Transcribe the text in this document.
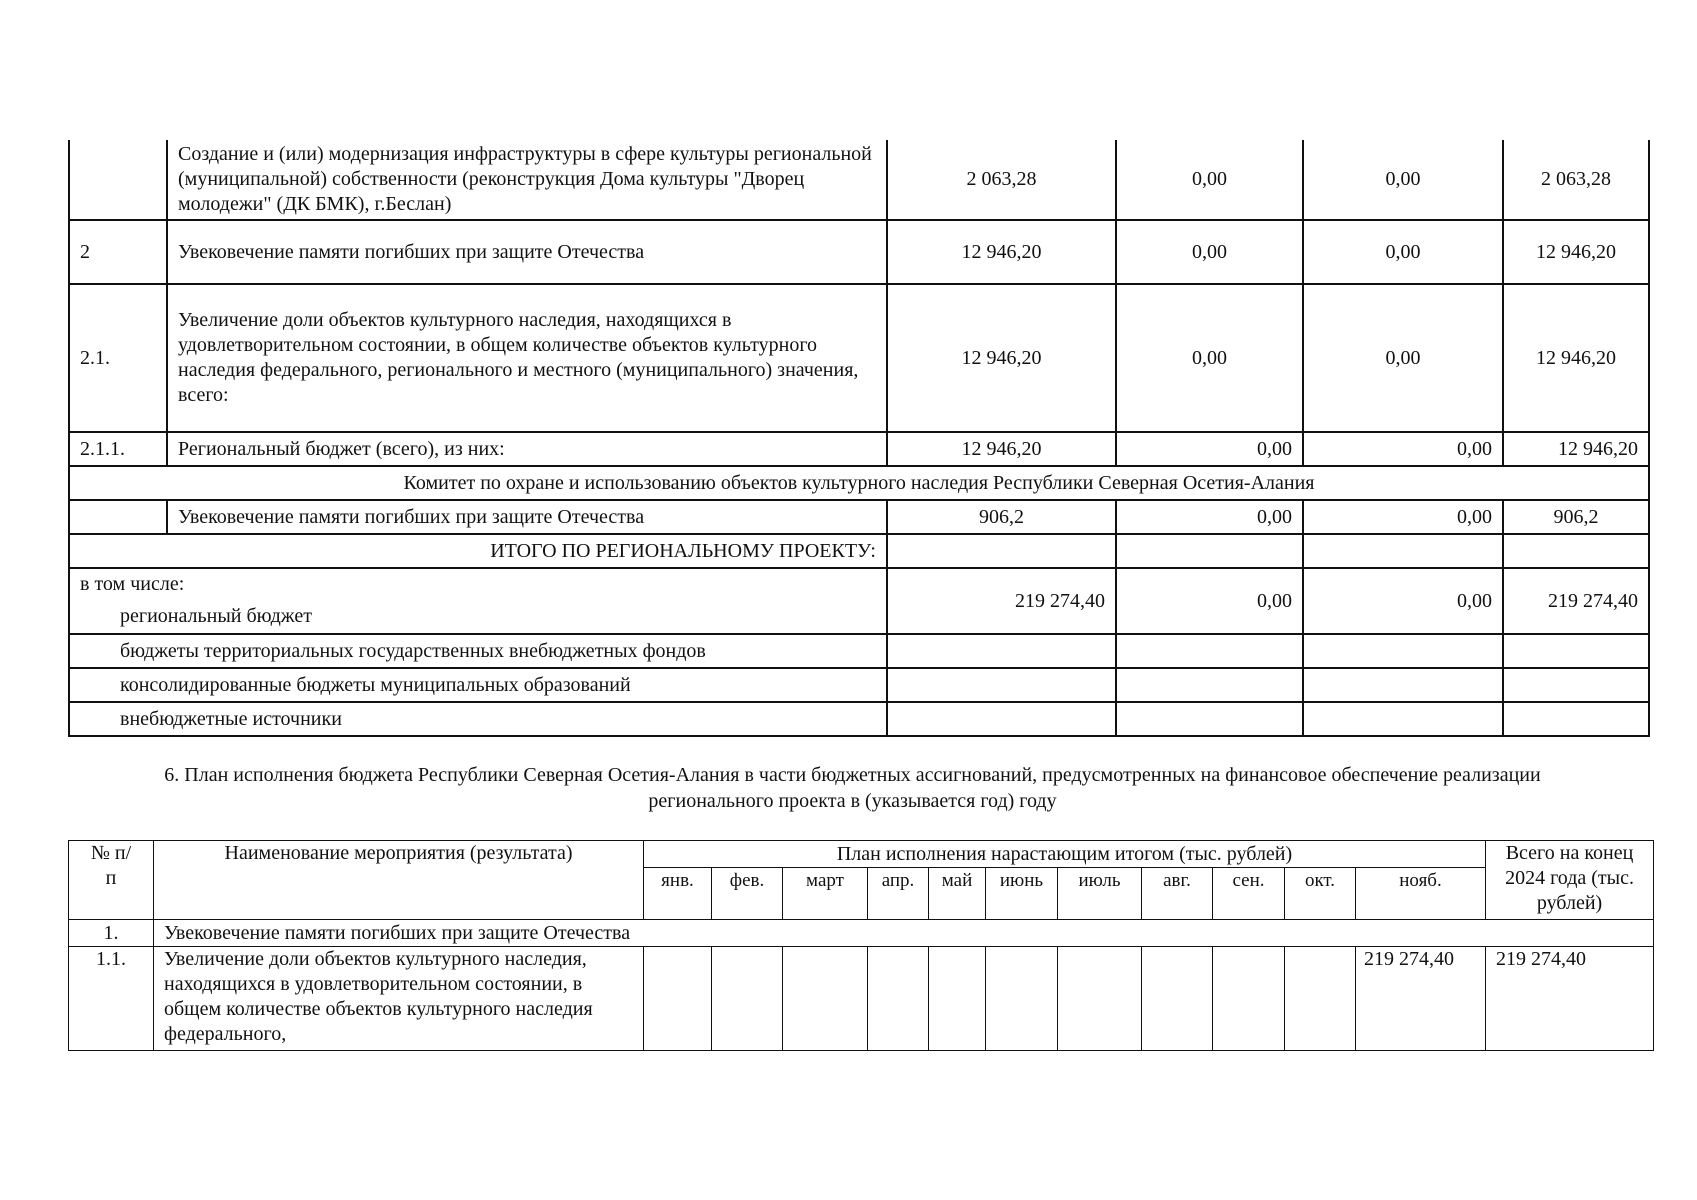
	Создание и (или) модернизация инфраструктуры в сфере культуры региональной (муниципальной) собственности (реконструкция Дома культуры "Дворец молодежи" (ДК БМК), г.Беслан)	2 063,28	0,00	0,00	2 063,28
2	Увековечение памяти погибших при защите Отечества	12 946,20	0,00	0,00	12 946,20
2.1.	Увеличение доли объектов культурного наследия, находящихся в удовлетворительном состоянии, в общем количестве объектов культурного наследия федерального, регионального и местного (муниципального) значения, всего:	12 946,20	0,00	0,00	12 946,20
2.1.1.	Региональный бюджет (всего), из них:	12 946,20	0,00	0,00	12 946,20
Комитет по охране и использованию объектов культурного наследия Республики Северная Осетия-Алания					
	Увековечение памяти погибших при защите Отечества	906,2	0,00	0,00	906,2
ИТОГО ПО РЕГИОНАЛЬНОМУ ПРОЕКТУ:					

в том числе:
региональный бюджет		219 274,40	0,00	0,00	219 274,40
бюджеты территориальных государственных внебюджетных фондов					
консолидированные бюджеты муниципальных образований					
внебюджетные источники					
6. План исполнения бюджета Республики Северная Осетия-Алания в части бюджетных ассигнований, предусмотренных на финансовое обеспечение реализации
регионального проекта в (указывается год) году
№ п/п	Наименование мероприятия (результата)	План исполнения нарастающим итогом (тыс. рублей)											Всего на конец 2024 года (тыс. рублей)
		янв.	фев.	март	апр.	май	июнь	июль	авг.	сен.	окт.	нояб.	
1.	Увековечение памяти погибших при защите Отечества												
1.1.	Увеличение доли объектов культурного наследия, находящихся в удовлетворительном состоянии, в общем количестве объектов культурного наследия федерального,											219 274,40	219 274,40
